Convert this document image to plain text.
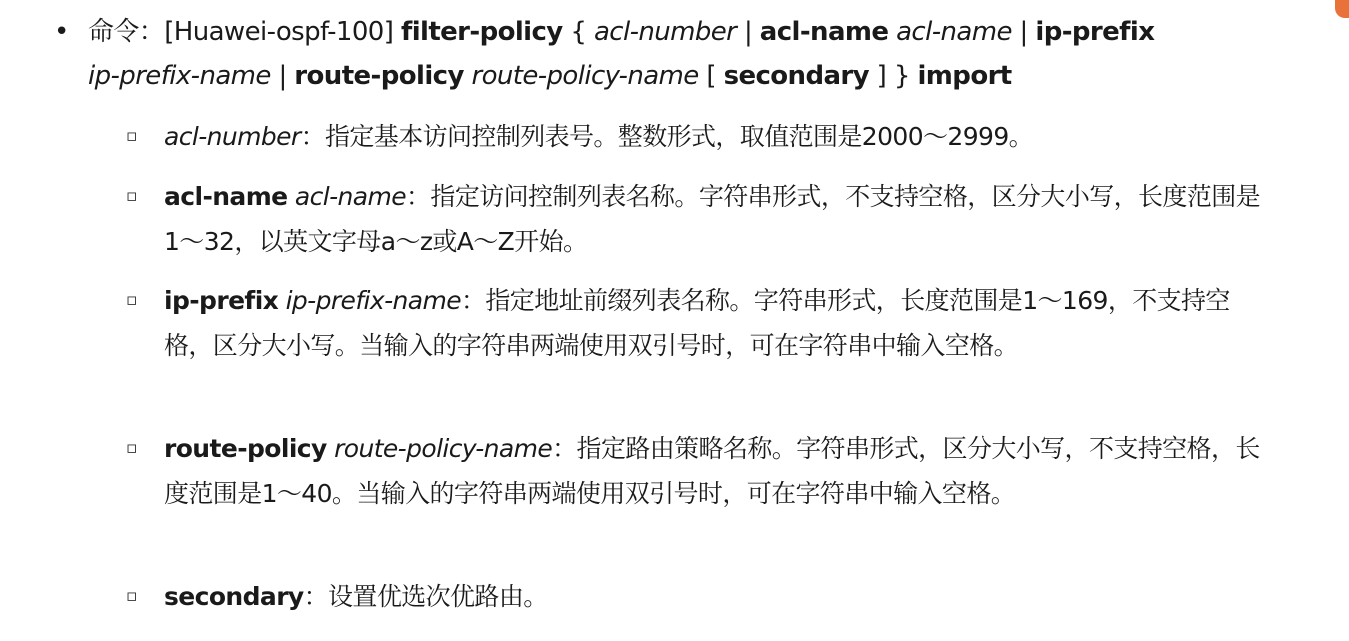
• 命令：[Huawei-ospf-100] filter-policy { acl-number | acl-name acl-name | ip-prefix
ip-prefix-name | route-policy route-policy-name [ secondary ] } import
▫ acl-number：指定基本访问控制列表号。整数形式，取值范围是2000～2999。
▫ acl-name acl-name：指定访问控制列表名称。字符串形式，不支持空格，区分大小写，长度范围是1～32，以英文字母a～z或A～Z开始。
▫ ip-prefix ip-prefix-name：指定地址前缀列表名称。字符串形式，长度范围是1～169，不支持空格，区分大小写。当输入的字符串两端使用双引号时，可在字符串中输入空格。
▫ route-policy route-policy-name：指定路由策略名称。字符串形式，区分大小写，不支持空格，长度范围是1～40。当输入的字符串两端使用双引号时，可在字符串中输入空格。
▫ secondary：设置优选次优路由。
